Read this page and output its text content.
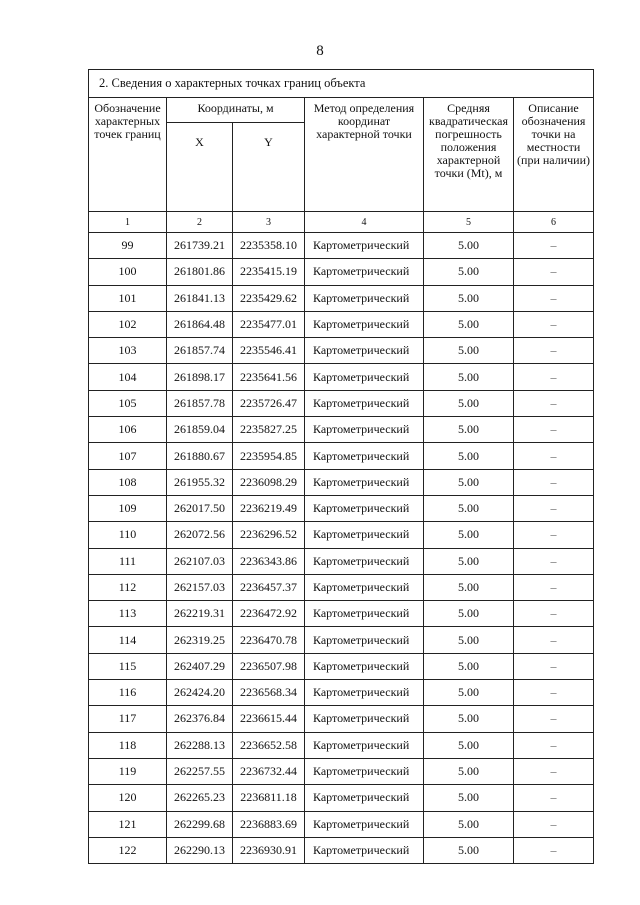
8
2. Сведения о характерных точках границ объекта					
Обозначение характерных точек границ	Координаты, м		Метод определения координат характерной точки	Средняя квадратическая погрешность положения характерной точки (Mt), м	Описание обозначения точки на местности (при наличии)
	X	Y			
1	2	3	4	5	6
99	261739.21	2235358.10	Картометрический	5.00	–
100	261801.86	2235415.19	Картометрический	5.00	–
101	261841.13	2235429.62	Картометрический	5.00	–
102	261864.48	2235477.01	Картометрический	5.00	–
103	261857.74	2235546.41	Картометрический	5.00	–
104	261898.17	2235641.56	Картометрический	5.00	–
105	261857.78	2235726.47	Картометрический	5.00	–
106	261859.04	2235827.25	Картометрический	5.00	–
107	261880.67	2235954.85	Картометрический	5.00	–
108	261955.32	2236098.29	Картометрический	5.00	–
109	262017.50	2236219.49	Картометрический	5.00	–
110	262072.56	2236296.52	Картометрический	5.00	–
111	262107.03	2236343.86	Картометрический	5.00	–
112	262157.03	2236457.37	Картометрический	5.00	–
113	262219.31	2236472.92	Картометрический	5.00	–
114	262319.25	2236470.78	Картометрический	5.00	–
115	262407.29	2236507.98	Картометрический	5.00	–
116	262424.20	2236568.34	Картометрический	5.00	–
117	262376.84	2236615.44	Картометрический	5.00	–
118	262288.13	2236652.58	Картометрический	5.00	–
119	262257.55	2236732.44	Картометрический	5.00	–
120	262265.23	2236811.18	Картометрический	5.00	–
121	262299.68	2236883.69	Картометрический	5.00	–
122	262290.13	2236930.91	Картометрический	5.00	–
